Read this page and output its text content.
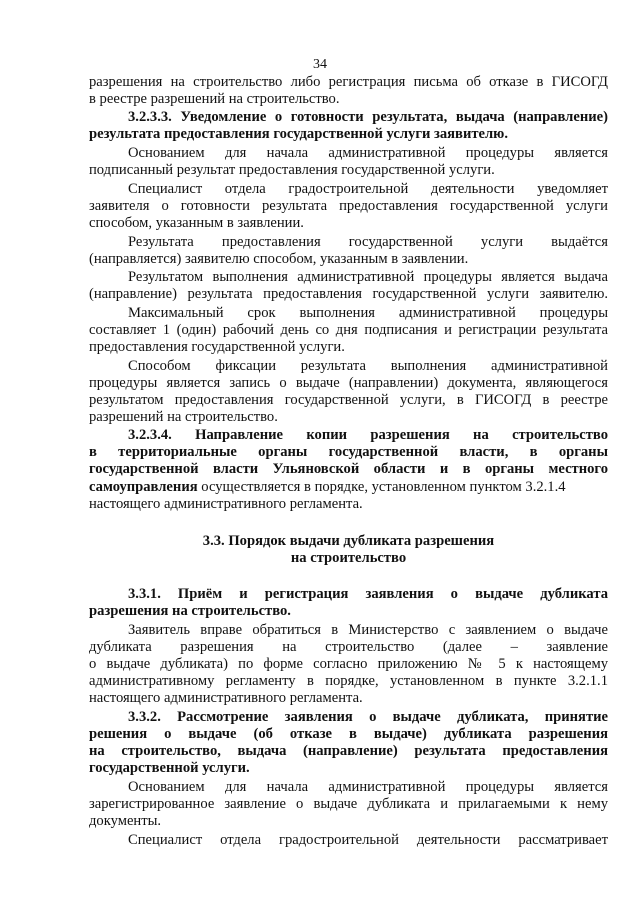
34
разрешения на строительство либо регистрация письма об отказе в ГИСОГД
в реестре разрешений на строительство.
3.2.3.3. Уведомление о готовности результата, выдача (направление)
результата предоставления государственной услуги заявителю.
Основанием для начала административной процедуры является
подписанный результат предоставления государственной услуги.
Специалист отдела градостроительной деятельности уведомляет
заявителя о готовности результата предоставления государственной услуги
способом, указанным в заявлении.
Результата предоставления государственной услуги выдаётся
(направляется) заявителю способом, указанным в заявлении.
Результатом выполнения административной процедуры является выдача
(направление) результата предоставления государственной услуги заявителю.
Максимальный срок выполнения административной процедуры
составляет 1 (один) рабочий день со дня подписания и регистрации результата
предоставления государственной услуги.
Способом фиксации результата выполнения административной
процедуры является запись о выдаче (направлении) документа, являющегося
результатом предоставления государственной услуги, в ГИСОГД в реестре
разрешений на строительство.
3.2.3.4. Направление копии разрешения на строительство
в территориальные органы государственной власти, в органы
государственной власти Ульяновской области и в органы местного
самоуправления осуществляется в порядке, установленном пунктом 3.2.1.4
настоящего административного регламента.
3.3. Порядок выдачи дубликата разрешения
на строительство
3.3.1. Приём и регистрация заявления о выдаче дубликата
разрешения на строительство.
Заявитель вправе обратиться в Министерство с заявлением о выдаче
дубликата разрешения на строительство (далее – заявление
о выдаче дубликата) по форме согласно приложению № 5 к настоящему
административному регламенту в порядке, установленном в пункте 3.2.1.1
настоящего административного регламента.
3.3.2. Рассмотрение заявления о выдаче дубликата, принятие
решения о выдаче (об отказе в выдаче) дубликата разрешения
на строительство, выдача (направление) результата предоставления
государственной услуги.
Основанием для начала административной процедуры является
зарегистрированное заявление о выдаче дубликата и прилагаемыми к нему
документы.
Специалист отдела градостроительной деятельности рассматривает
